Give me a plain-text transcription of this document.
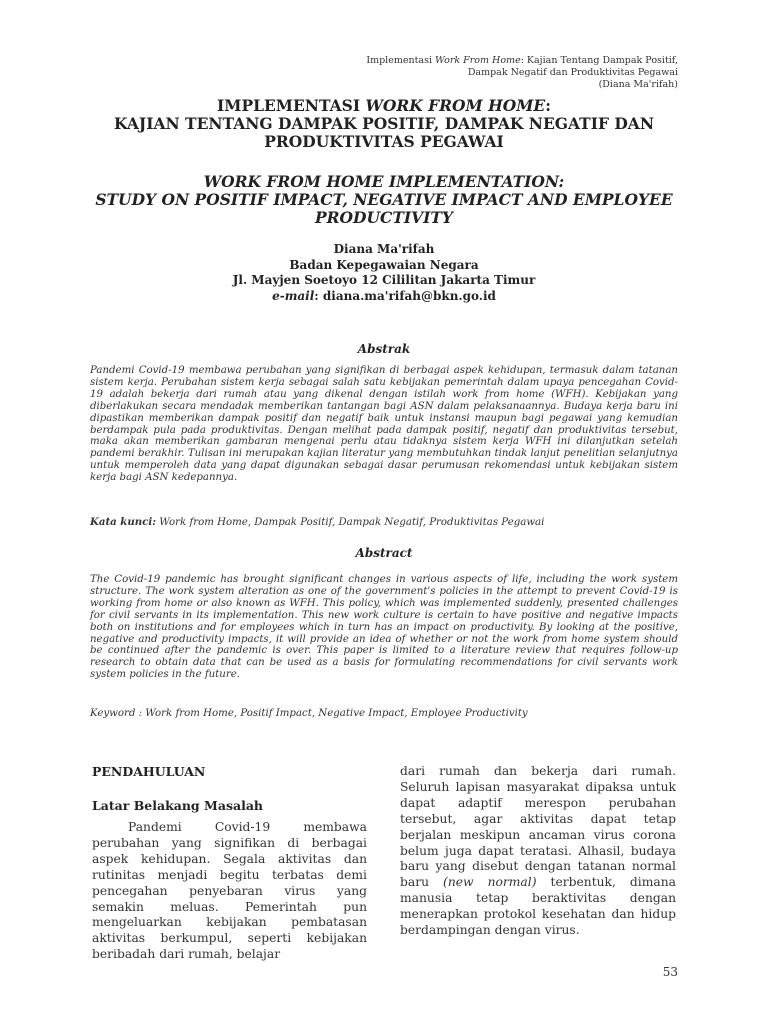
Implementasi Work From Home: Kajian Tentang Dampak Positif,
Dampak Negatif dan Produktivitas Pegawai
(Diana Ma'rifah)
IMPLEMENTASI WORK FROM HOME:
KAJIAN TENTANG DAMPAK POSITIF, DAMPAK NEGATIF DAN
PRODUKTIVITAS PEGAWAI
WORK FROM HOME IMPLEMENTATION:
STUDY ON POSITIF IMPACT, NEGATIVE IMPACT AND EMPLOYEE
PRODUCTIVITY
Diana Ma'rifah
Badan Kepegawaian Negara
Jl. Mayjen Soetoyo 12 Cililitan Jakarta Timur
e-mail: diana.ma'rifah@bkn.go.id
Abstrak
Pandemi Covid-19 membawa perubahan yang signifikan di berbagai aspek kehidupan, termasuk dalam tatanan sistem kerja. Perubahan sistem kerja sebagai salah satu kebijakan pemerintah dalam upaya pencegahan Covid-19 adalah bekerja dari rumah atau yang dikenal dengan istilah work from home (WFH). Kebijakan yang diberlakukan secara mendadak memberikan tantangan bagi ASN dalam pelaksanaannya. Budaya kerja baru ini dipastikan memberikan dampak positif dan negatif baik untuk instansi maupun bagi pegawai yang kemudian berdampak pula pada produktivitas. Dengan melihat pada dampak positif, negatif dan produktivitas tersebut, maka akan memberikan gambaran mengenai perlu atau tidaknya sistem kerja WFH ini dilanjutkan setelah pandemi berakhir. Tulisan ini merupakan kajian literatur yang membutuhkan tindak lanjut penelitian selanjutnya untuk memperoleh data yang dapat digunakan sebagai dasar perumusan rekomendasi untuk kebijakan sistem kerja bagi ASN kedepannya.
Kata kunci: Work from Home, Dampak Positif, Dampak Negatif, Produktivitas Pegawai
Abstract
The Covid-19 pandemic has brought significant changes in various aspects of life, including the work system structure. The work system alteration as one of the government's policies in the attempt to prevent Covid-19 is working from home or also known as WFH. This policy, which was implemented suddenly, presented challenges for civil servants in its implementation. This new work culture is certain to have positive and negative impacts both on institutions and for employees which in turn has an impact on productivity. By looking at the positive, negative and productivity impacts, it will provide an idea of whether or not the work from home system should be continued after the pandemic is over. This paper is limited to a literature review that requires follow-up research to obtain data that can be used as a basis for formulating recommendations for civil servants work system policies in the future.
Keyword : Work from Home, Positif Impact, Negative Impact, Employee Productivity
PENDAHULUAN
Latar Belakang Masalah

Pandemi Covid-19 membawa perubahan yang signifikan di berbagai aspek kehidupan. Segala aktivitas dan rutinitas menjadi begitu terbatas demi pencegahan penyebaran virus yang semakin meluas. Pemerintah pun mengeluarkan kebijakan pembatasan aktivitas berkumpul, seperti kebijakan beribadah dari rumah, belajar

dari rumah dan bekerja dari rumah. Seluruh lapisan masyarakat dipaksa untuk dapat adaptif merespon perubahan tersebut, agar aktivitas dapat tetap berjalan meskipun ancaman virus corona belum juga dapat teratasi. Alhasil, budaya baru yang disebut dengan tatanan normal baru (new normal) terbentuk, dimana manusia tetap beraktivitas dengan menerapkan protokol kesehatan dan hidup berdampingan dengan virus.

53
